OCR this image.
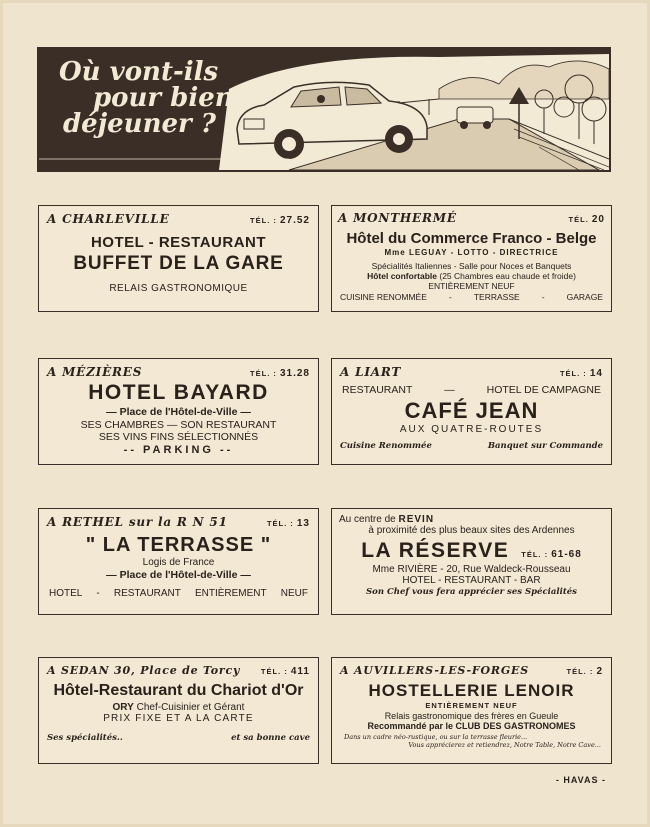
Où vont-ils
pour bien
déjeuner ?
A CHARLEVILLE	TÉL. : 27.52
HOTEL - RESTAURANT
BUFFET DE LA GARE
RELAIS GASTRONOMIQUE
A MONTHERMÉ	TÉL. 20
Hôtel du Commerce Franco - Belge
Mme LEGUAY - LOTTO - DIRECTRICE
Spécialités Italiennes - Salle pour Noces et Banquets
Hôtel confortable (25 Chambres eau chaude et froide)
ENTIÈREMENT NEUF
CUISINE RENOMMÉE	-	TERRASSE	-	GARAGE
A MÉZIÈRES	TÉL. : 31.28
HOTEL BAYARD
— Place de l'Hôtel-de-Ville —
SES CHAMBRES — SON RESTAURANT
SES VINS FINS SÉLECTIONNÉS
-- PARKING --
A LIART	TÉL. : 14
RESTAURANT	—	HOTEL DE CAMPAGNE
CAFÉ JEAN
AUX QUATRE-ROUTES
Cuisine Renommée	Banquet sur Commande
A RETHEL sur la R N 51	TÉL. : 13
" LA TERRASSE "
Logis de France
— Place de l'Hôtel-de-Ville —
HOTEL - RESTAURANT ENTIÈREMENT NEUF
Au centre de REVIN
à proximité des plus beaux sites des Ardennes
LA RÉSERVE TÉL. : 61-68
Mme RIVIÈRE - 20, Rue Waldeck-Rousseau
HOTEL - RESTAURANT - BAR
Son Chef vous fera apprécier ses Spécialités
A SEDAN 30, Place de Torcy	TÉL. : 411
Hôtel-Restaurant du Chariot d'Or
ORY Chef-Cuisinier et Gérant
PRIX FIXE ET A LA CARTE
Ses spécialités..	et sa bonne cave
A AUVILLERS-LES-FORGES	TÉL. : 2
HOSTELLERIE LENOIR
ENTIÈREMENT NEUF
Relais gastronomique des frères en Gueule
Recommandé par le CLUB DES GASTRONOMES
Dans un cadre néo-rustique, ou sur la terrasse fleurie...
Vous apprécierez et retiendrez, Notre Table, Notre Cave...
- HAVAS -
